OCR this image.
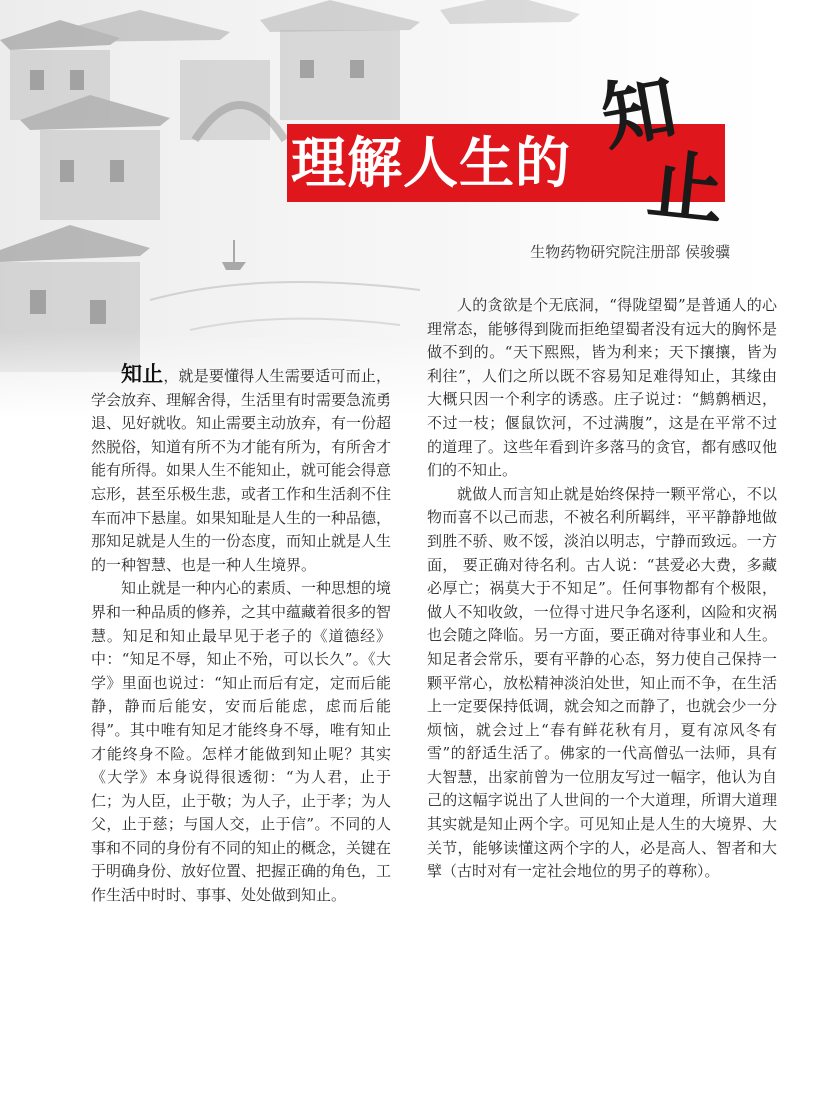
理解人生的
知
止
生物药物研究院注册部 侯骏骥

知止，就是要懂得人生需要适可而止，学会放弃、理解舍得，生活里有时需要急流勇退、见好就收。知止需要主动放弃，有一份超然脱俗，知道有所不为才能有所为，有所舍才能有所得。如果人生不能知止，就可能会得意忘形，甚至乐极生悲，或者工作和生活刹不住车而冲下悬崖。如果知耻是人生的一种品德，那知足就是人生的一份态度，而知止就是人生的一种智慧、也是一种人生境界。

知止就是一种内心的素质、一种思想的境界和一种品质的修养，之其中蕴藏着很多的智慧。知足和知止最早见于老子的《道德经》中：“知足不辱，知止不殆，可以长久”。《大学》里面也说过：“知止而后有定，定而后能静，静而后能安，安而后能虑，虑而后能得”。其中唯有知足才能终身不辱，唯有知止才能终身不险。怎样才能做到知止呢？其实《大学》本身说得很透彻：“为人君，止于仁；为人臣，止于敬；为人子，止于孝；为人父，止于慈；与国人交，止于信”。不同的人事和不同的身份有不同的知止的概念，关键在于明确身份、放好位置、把握正确的角色，工作生活中时时、事事、处处做到知止。

人的贪欲是个无底洞，“得陇望蜀”是普通人的心理常态，能够得到陇而拒绝望蜀者没有远大的胸怀是做不到的。“天下熙熙，皆为利来；天下攘攘，皆为利往”，人们之所以既不容易知足难得知止，其缘由大概只因一个利字的诱惑。庄子说过：“鹪鹩栖迟，不过一枝；偃鼠饮河，不过满腹”，这是在平常不过的道理了。这些年看到许多落马的贪官，都有感叹他们的不知止。

就做人而言知止就是始终保持一颗平常心，不以物而喜不以己而悲，不被名利所羁绊，平平静静地做到胜不骄、败不馁，淡泊以明志，宁静而致远。一方面， 要正确对待名利。古人说：“甚爱必大费，多藏必厚亡；祸莫大于不知足”。任何事物都有个极限，做人不知收敛，一位得寸进尺争名逐利，凶险和灾祸也会随之降临。另一方面，要正确对待事业和人生。知足者会常乐，要有平静的心态，努力使自己保持一颗平常心，放松精神淡泊处世，知止而不争，在生活上一定要保持低调，就会知之而静了，也就会少一分烦恼，就会过上“春有鲜花秋有月，夏有凉风冬有雪”的舒适生活了。佛家的一代高僧弘一法师，具有大智慧，出家前曾为一位朋友写过一幅字，他认为自己的这幅字说出了人世间的一个大道理，所谓大道理其实就是知止两个字。可见知止是人生的大境界、大关节，能够读懂这两个字的人，必是高人、智者和大擘（古时对有一定社会地位的男子的尊称）。
